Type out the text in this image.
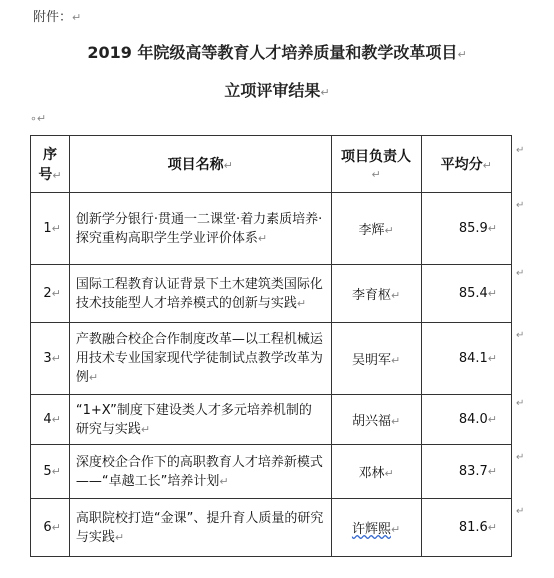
附件：↵
2019 年院级高等教育人才培养质量和教学改革项目↵
立项评审结果↵
∘↵
序号↵	项目名称↵	项目负责人↵	平均分↵
1↵	创新学分银行·贯通一二课堂·着力素质培养·探究重构高职学生学业评价体系↵	李辉↵	85.9↵
2↵	国际工程教育认证背景下土木建筑类国际化技术技能型人才培养模式的创新与实践↵	李育枢↵	85.4↵
3↵	产教融合校企合作制度改革—以工程机械运用技术专业国家现代学徒制试点教学改革为例↵	吴明军↵	84.1↵
4↵	“1+X”制度下建设类人才多元培养机制的研究与实践↵	胡兴福↵	84.0↵
5↵	深度校企合作下的高职教育人才培养新模式——“卓越工长”培养计划↵	邓林↵	83.7↵
6↵	高职院校打造“金课”、提升育人质量的研究与实践↵	许辉熙↵	81.6↵
↵
↵
↵
↵
↵
↵
↵
